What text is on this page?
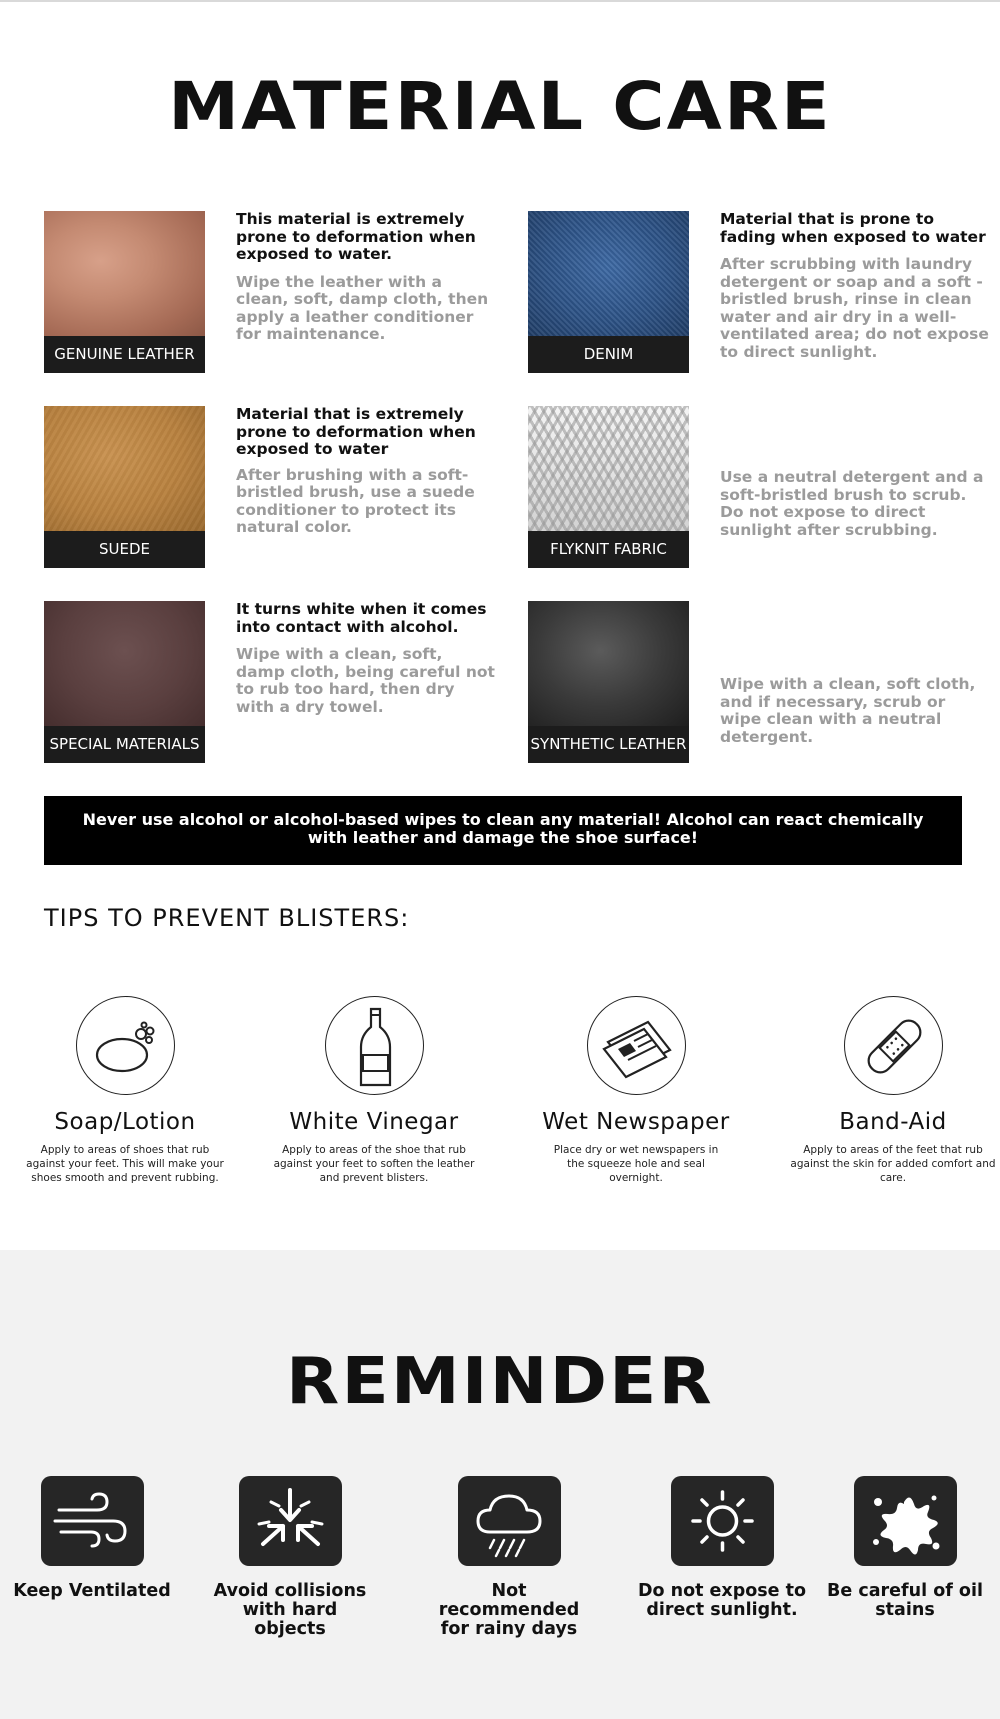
MATERIAL CARE
GENUINE LEATHER

This material is extremely prone to deformation when exposed to water.

Wipe the leather with a clean, soft, damp cloth, then apply a leather conditioner for maintenance.

DENIM

Material that is prone to fading when exposed to water

After scrubbing with laundry detergent or soap and a soft -bristled brush, rinse in clean water and air dry in a well-ventilated area; do not expose to direct sunlight.

SUEDE

Material that is extremely prone to deformation when exposed to water

After brushing with a soft-bristled brush, use a suede conditioner to protect its natural color.

FLYKNIT FABRIC

Use a neutral detergent and a soft-bristled brush to scrub. Do not expose to direct sunlight after scrubbing.

SPECIAL MATERIALS

It turns white when it comes into contact with alcohol.

Wipe with a clean, soft, damp cloth, being careful not to rub too hard, then dry with a dry towel.

SYNTHETIC LEATHER

Wipe with a clean, soft cloth, and if necessary, scrub or wipe clean with a neutral detergent.

Never use alcohol or alcohol-based wipes to clean any material! Alcohol can react chemically with leather and damage the shoe surface!
TIPS TO PREVENT BLISTERS:
Soap/Lotion
Apply to areas of shoes that rub against your feet. This will make your shoes smooth and prevent rubbing.
White Vinegar
Apply to areas of the shoe that rub against your feet to soften the leather and prevent blisters.
Wet Newspaper
Place dry or wet newspapers in the squeeze hole and seal overnight.
Band-Aid
Apply to areas of the feet that rub against the skin for added comfort and care.
REMINDER
Keep Ventilated	Avoid collisions with hard objects
Not recommended for rainy days
Do not expose to direct sunlight.
Be careful of oil stains
